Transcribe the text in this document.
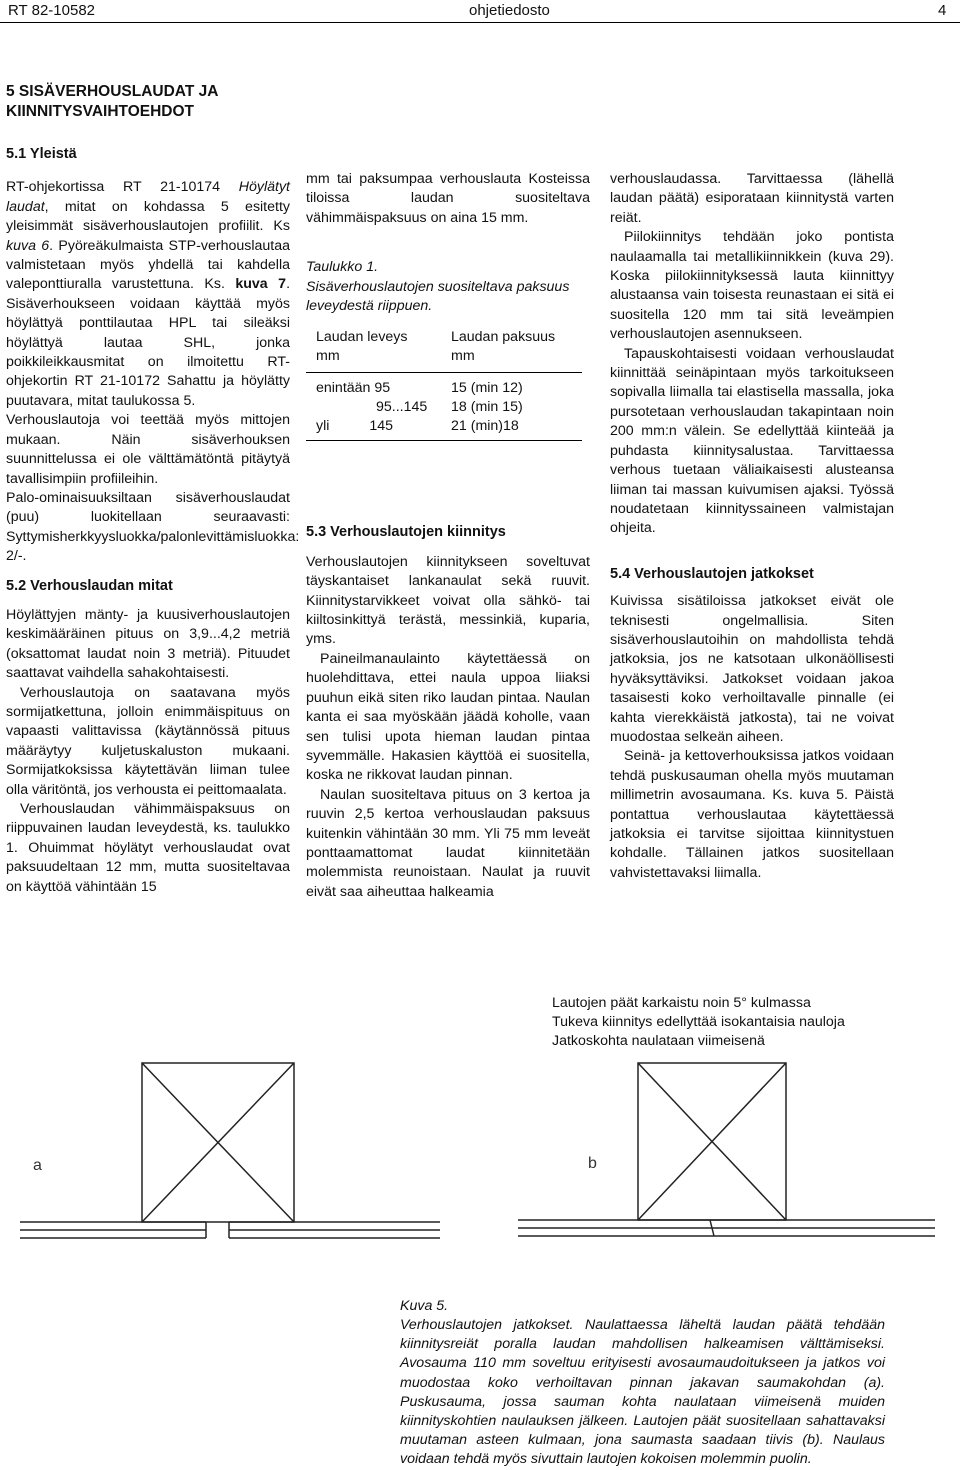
RT 82-10582	ohjetiedosto	4

5 SISÄVERHOUSLAUDAT JA KIINNITYSVAIHTOEHDOT

5.1 Yleistä

RT-ohjekortissa RT 21-10174 Höylätyt laudat, mitat on kohdassa 5 esitetty yleisimmät sisäverhouslautojen profiilit. Ks kuva 6. Pyöreäkulmaista STP-verhouslautaa valmistetaan myös yhdellä tai kahdella valeponttiuralla varustettuna. Ks. kuva 7. Sisäverhoukseen voidaan käyttää myös höylättyä ponttilautaa HPL tai sileäksi höylättyä lautaa SHL, jonka poikkileikkausmitat on ilmoitettu RT-ohjekortin RT 21-10172 Sahattu ja höylätty puutavara, mitat taulukossa 5.

Verhouslautoja voi teettää myös mittojen mukaan. Näin sisäverhouksen suunnittelussa ei ole välttämätöntä pitäytyä tavallisimpiin profiileihin.

Palo-ominaisuuksiltaan sisäverhouslaudat (puu) luokitellaan seuraavasti: Syttymisherkkyysluokka/palonlevittämisluokka: 2/-.

5.2 Verhouslaudan mitat

Höylättyjen mänty- ja kuusiverhouslautojen keskimääräinen pituus on 3,9...4,2 metriä (oksattomat laudat noin 3 metriä). Pituudet saattavat vaihdella sahakohtaisesti.

Verhouslautoja on saatavana myös sormijatkettuna, jolloin enimmäispituus on vapaasti valittavissa (käytännössä pituus määräytyy kuljetuskaluston mukaani. Sormijatkoksissa käytettävän liiman tulee olla väritöntä, jos verhousta ei peittomaalata.

Verhouslaudan vähimmäispaksuus on riippuvainen laudan leveydestä, ks. taulukko 1. Ohuimmat höylätyt verhouslaudat ovat paksuudeltaan 12 mm, mutta suositeltavaa on käyttöä vähintään 15

mm tai paksumpaa verhouslauta Kosteissa tiloissa laudan suositeltava vähimmäispaksuus on aina 15 mm.

Taulukko 1.

Sisäverhouslautojen suositeltava paksuus leveydestä riippuen.

Laudan leveys	Laudan paksuus
mm	mm
enintään 95	15 (min 12)
95...145	18 (min 15)
yli 145	21 (min)18

5.3 Verhouslautojen kiinnitys

Verhouslautojen kiinnitykseen soveltuvat täyskantaiset lankanaulat sekä ruuvit. Kiinnitystarvikkeet voivat olla sähkö- tai kiiltosinkittyä terästä, messinkiä, kuparia, yms.

Paineilmanaulainto käytettäessä on huolehdittava, ettei naula uppoa liiaksi puuhun eikä siten riko laudan pintaa. Naulan kanta ei saa myöskään jäädä koholle, vaan sen tulisi upota hieman laudan pintaa syvemmälle. Hakasien käyttöä ei suositella, koska ne rikkovat laudan pinnan.

Naulan suositeltava pituus on 3 kertoa ja ruuvin 2,5 kertoa verhouslaudan paksuus kuitenkin vähintään 30 mm. Yli 75 mm leveät ponttaamattomat laudat kiinnitetään molemmista reunoistaan. Naulat ja ruuvit eivät saa aiheuttaa halkeamia

verhouslaudassa. Tarvittaessa (lähellä laudan päätä) esiporataan kiinnitystä varten reiät.

Piilokiinnitys tehdään joko pontista naulaamalla tai metallikiinnikkein (kuva 29). Koska piilokiinnityksessä lauta kiinnittyy alustaansa vain toisesta reunastaan ei sitä ei suositella 120 mm tai sitä leveämpien verhouslautojen asennukseen.

Tapauskohtaisesti voidaan verhouslaudat kiinnittää seinäpintaan myös tarkoitukseen sopivalla liimalla tai elastisella massalla, joka pursotetaan verhouslaudan takapintaan noin 200 mm:n välein. Se edellyttää kiinteää ja puhdasta kiinnitysalustaa. Tarvittaessa verhous tuetaan väliaikaisesti alusteansa liiman tai massan kuivumisen ajaksi. Työssä noudatetaan kiinnityssaineen valmistajan ohjeita.

5.4 Verhouslautojen jatkokset

Kuivissa sisätiloissa jatkokset eivät ole teknisesti ongelmallisia. Siten sisäverhouslautoihin on mahdollista tehdä jatkoksia, jos ne katsotaan ulkonäöllisesti hyväksyttäviksi. Jatkokset voidaan jakoa tasaisesti koko verhoiltavalle pinnalle (ei kahta vierekkäistä jatkosta), tai ne voivat muodostaa selkeän aiheen.

Seinä- ja kettoverhouksissa jatkos voidaan tehdä puskusauman ohella myös muutaman millimetrin avosaumana. Ks. kuva 5. Päistä pontattua verhouslautaa käytettäessä jatkoksia ei tarvitse sijoittaa kiinnitystuen kohdalle. Tällainen jatkos suositellaan vahvistettavaksi liimalla.

Lautojen päät karkaistu noin 5° kulmassa

Tukeva kiinnitys edellyttää isokantaisia nauloja

Jatkoskohta naulataan viimeisenä

a	b

Kuva 5.

Verhouslautojen jatkokset. Naulattaessa läheltä laudan päätä tehdään kiinnitysreiät poralla laudan mahdollisen halkeamisen välttämiseksi. Avosauma 110 mm soveltuu erityisesti avosaumaudoitukseen ja jatkos voi muodostaa koko verhoiltavan pinnan jakavan saumakohdan (a). Puskusauma, jossa sauman kohta naulataan viimeisenä muiden kiinnityskohtien naulauksen jälkeen. Lautojen päät suositellaan sahattavaksi muutaman asteen kulmaan, jona saumasta saadaan tiivis (b). Naulaus voidaan tehdä myös sivuttain lautojen kokoisen molemmin puolin.
